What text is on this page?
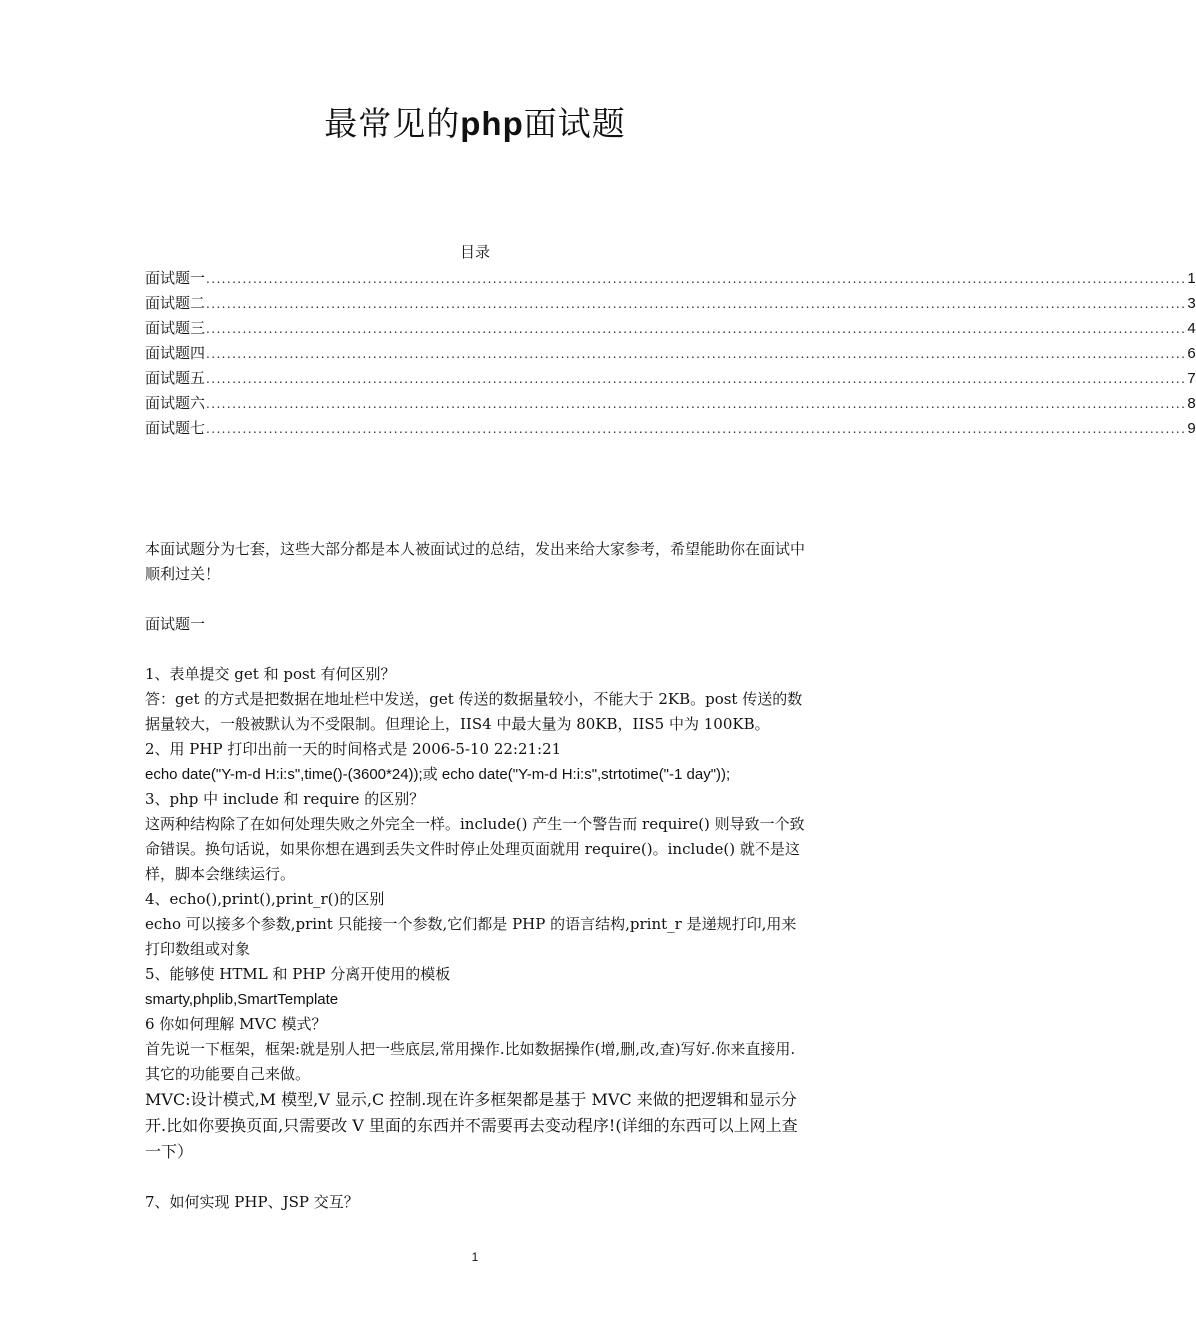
最常见的php面试题
目录
面试题一 ............................................................................................................................................................................................ 1
面试题二 ............................................................................................................................................................................................ 3
面试题三 ............................................................................................................................................................................................ 4
面试题四 ............................................................................................................................................................................................ 6
面试题五 ............................................................................................................................................................................................ 7
面试题六 ............................................................................................................................................................................................ 8
面试题七 ............................................................................................................................................................................................ 9

本面试题分为七套，这些大部分都是本人被面试过的总结，发出来给大家参考，希望能助你在面试中顺利过关！

面试题一

1、表单提交 get 和 post 有何区别？

答：get 的方式是把数据在地址栏中发送，get 传送的数据量较小，不能大于 2KB。post 传送的数据量较大，一般被默认为不受限制。但理论上，IIS4 中最大量为 80KB，IIS5 中为 100KB。

2、用 PHP 打印出前一天的时间格式是 2006-5-10 22:21:21

echo date("Y-m-d H:i:s",time()-(3600*24));或 echo date("Y-m-d H:i:s",strtotime("-1 day"));

3、php 中 include 和 require 的区别？

这两种结构除了在如何处理失败之外完全一样。include() 产生一个警告而 require() 则导致一个致命错误。换句话说，如果你想在遇到丢失文件时停止处理页面就用 require()。include() 就不是这样，脚本会继续运行。

4、echo(),print(),print_r()的区别

echo 可以接多个参数,print 只能接一个参数,它们都是 PHP 的语言结构,print_r 是递规打印,用来打印数组或对象

5、能够使 HTML 和 PHP 分离开使用的模板

smarty,phplib,SmartTemplate

6 你如何理解 MVC 模式？

首先说一下框架，框架:就是别人把一些底层,常用操作.比如数据操作(增,删,改,查)写好.你来直接用.其它的功能要自己来做。

MVC:设计模式,M 模型,V 显示,C 控制.现在许多框架都是基于 MVC 来做的把逻辑和显示分开.比如你要换页面,只需要改 V 里面的东西并不需要再去变动程序!(详细的东西可以上网上查一下）

7、如何实现 PHP、JSP 交互？

1
